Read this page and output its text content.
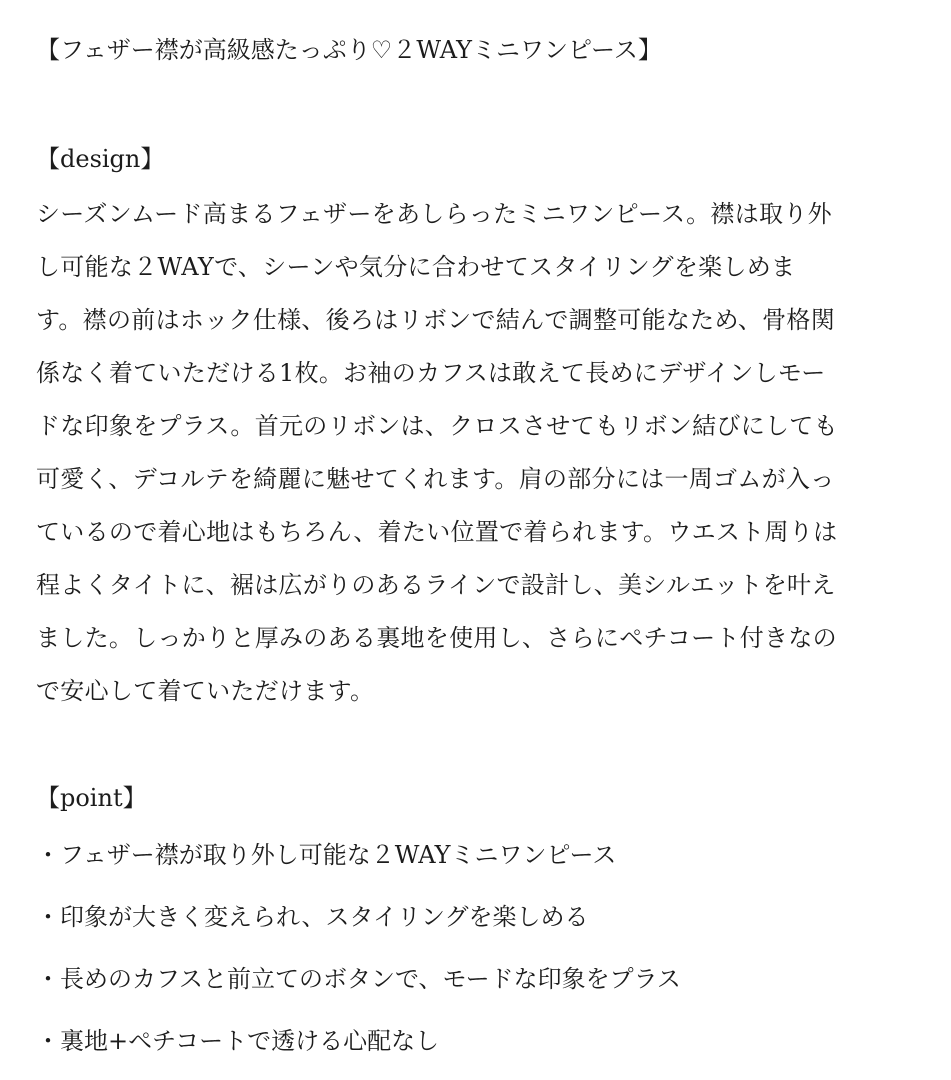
【フェザー襟が高級感たっぷり♡２WAYミニワンピース】
【design】
シーズンムード高まるフェザーをあしらったミニワンピース。襟は取り外
し可能な２WAYで、シーンや気分に合わせてスタイリングを楽しめま
す。襟の前はホック仕様、後ろはリボンで結んで調整可能なため、骨格関
係なく着ていただける1枚。お袖のカフスは敢えて長めにデザインしモー
ドな印象をプラス。首元のリボンは、クロスさせてもリボン結びにしても
可愛く、デコルテを綺麗に魅せてくれます。肩の部分には一周ゴムが入っ
ているので着心地はもちろん、着たい位置で着られます。ウエスト周りは
程よくタイトに、裾は広がりのあるラインで設計し、美シルエットを叶え
ました。しっかりと厚みのある裏地を使用し、さらにペチコート付きなの
で安心して着ていただけます。
【point】
・フェザー襟が取り外し可能な２WAYミニワンピース
・印象が大きく変えられ、スタイリングを楽しめる
・長めのカフスと前立てのボタンで、モードな印象をプラス
・裏地+ペチコートで透ける心配なし
